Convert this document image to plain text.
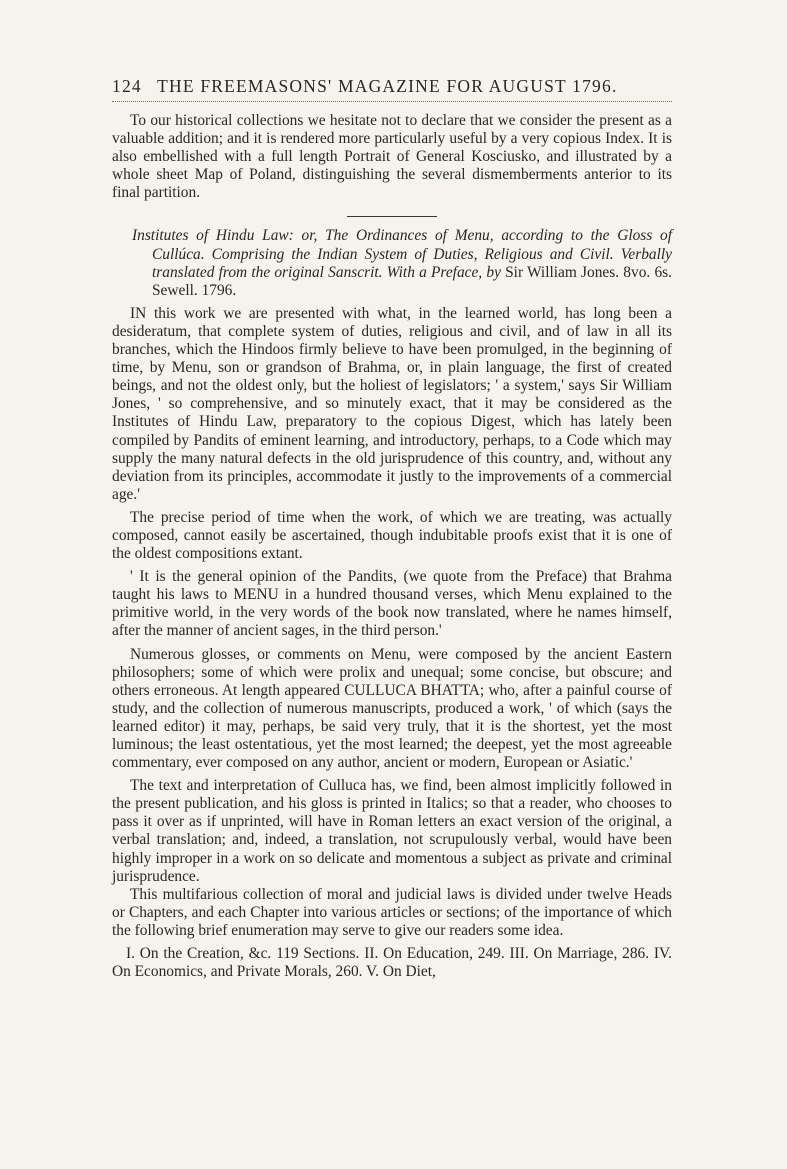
124 THE FREEMASONS' MAGAZINE FOR AUGUST 1796.

To our historical collections we hesitate not to declare that we consider the present as a valuable addition; and it is rendered more particularly useful by a very copious Index. It is also embellished with a full length Portrait of General Kosciusko, and illustrated by a whole sheet Map of Poland, distinguishing the several dismemberments anterior to its final partition.

Institutes of Hindu Law: or, The Ordinances of Menu, according to the Gloss of Cullúca. Comprising the Indian System of Duties, Religious and Civil. Verbally translated from the original Sanscrit. With a Preface, by Sir William Jones. 8vo. 6s. Sewell. 1796.

IN this work we are presented with what, in the learned world, has long been a desideratum, that complete system of duties, religious and civil, and of law in all its branches, which the Hindoos firmly believe to have been promulged, in the beginning of time, by Menu, son or grandson of Brahma, or, in plain language, the first of created beings, and not the oldest only, but the holiest of legislators; ' a system,' says Sir William Jones, ' so comprehensive, and so minutely exact, that it may be considered as the Institutes of Hindu Law, preparatory to the copious Digest, which has lately been compiled by Pandits of eminent learning, and introductory, perhaps, to a Code which may supply the many natural defects in the old jurisprudence of this country, and, without any deviation from its principles, accommodate it justly to the improvements of a commercial age.'

The precise period of time when the work, of which we are treating, was actually composed, cannot easily be ascertained, though indubitable proofs exist that it is one of the oldest compositions extant.

' It is the general opinion of the Pandits, (we quote from the Preface) that Brahma taught his laws to MENU in a hundred thousand verses, which Menu explained to the primitive world, in the very words of the book now translated, where he names himself, after the manner of ancient sages, in the third person.'

Numerous glosses, or comments on Menu, were composed by the ancient Eastern philosophers; some of which were prolix and unequal; some concise, but obscure; and others erroneous. At length appeared CULLUCA BHATTA; who, after a painful course of study, and the collection of numerous manuscripts, produced a work, ' of which (says the learned editor) it may, perhaps, be said very truly, that it is the shortest, yet the most luminous; the least ostentatious, yet the most learned; the deepest, yet the most agreeable commentary, ever composed on any author, ancient or modern, European or Asiatic.'

The text and interpretation of Culluca has, we find, been almost implicitly followed in the present publication, and his gloss is printed in Italics; so that a reader, who chooses to pass it over as if unprinted, will have in Roman letters an exact version of the original, a verbal translation; and, indeed, a translation, not scrupulously verbal, would have been highly improper in a work on so delicate and momentous a subject as private and criminal jurisprudence.

This multifarious collection of moral and judicial laws is divided under twelve Heads or Chapters, and each Chapter into various articles or sections; of the importance of which the following brief enumeration may serve to give our readers some idea.

I. On the Creation, &c. 119 Sections. II. On Education, 249. III. On Marriage, 286. IV. On Economics, and Private Morals, 260. V. On Diet,
